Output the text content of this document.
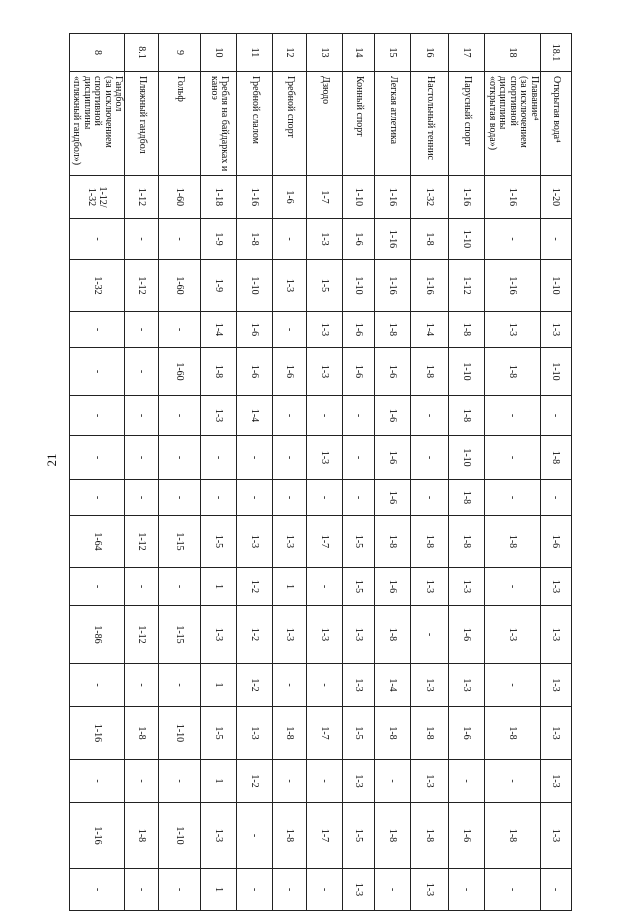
21
18.1	Открытая вода⁴	1-20	-	1-10	1-3	1-10	-	1-8	-	1-6	1-3	1-3	1-3	1-3	1-3	1-3	-
18	Плавание⁴
(за исключением спортивной дисциплины «открытая вода»)	1-16	-	1-16	1-3	1-8	-	-	-	1-8	-	1-3	-	1-8	-	1-8	-
17	Парусный спорт	1-16	1-10	1-12	1-8	1-10	1-8	1-10	1-8	1-8	1-3	1-6	1-3	1-6	-	1-6	-
16	Настольный теннис	1-32	1-8	1-16	1-4	1-8	-	-	-	1-8	1-3	-	1-3	1-8	1-3	1-8	1-3
15	Легкая атлетика	1-16	1-16	1-16	1-8	1-6	1-6	1-6	1-6	1-8	1-6	1-8	1-4	1-8	-	1-8	-
14	Конный спорт	1-10	1-6	1-10	1-6	1-6	-	-	-	1-5	1-5	1-3	1-3	1-5	1-3	1-5	1-3
13	Дзюдо	1-7	1-3	1-5	1-3	1-3	-	1-3	-	1-7	-	1-3	-	1-7	-	1-7	-
12	Гребной спорт	1-6	-	1-3	-	1-6	-	-	-	1-3	1	1-3	-	1-8	-	1-8	-
11	Гребной слалом	1-16	1-8	1-10	1-6	1-6	1-4	-	-	1-3	1-2	1-2	1-2	1-3	1-2	-	-
10	Гребля на байдарках и каноэ	1-18	1-9	1-9	1-4	1-8	1-3	-	-	1-5	1	1-3	1	1-5	1	1-3	1
9	Гольф	1-60	-	1-60	-	1-60	-	-	-	1-15	-	1-15	-	1-10	-	1-10	-
8.1	Пляжный гандбол	1-12	-	1-12	-	-	-	-	-	1-12	-	1-12	-	1-8	-	1-8	-
8	Гандбол
(за исключением спортивной дисциплины «пляжный гандбол»)	1-12/
1-32	-	1-32	-	-	-	-	-	1-64	-	1-86	-	1-16	-	1-16	-
